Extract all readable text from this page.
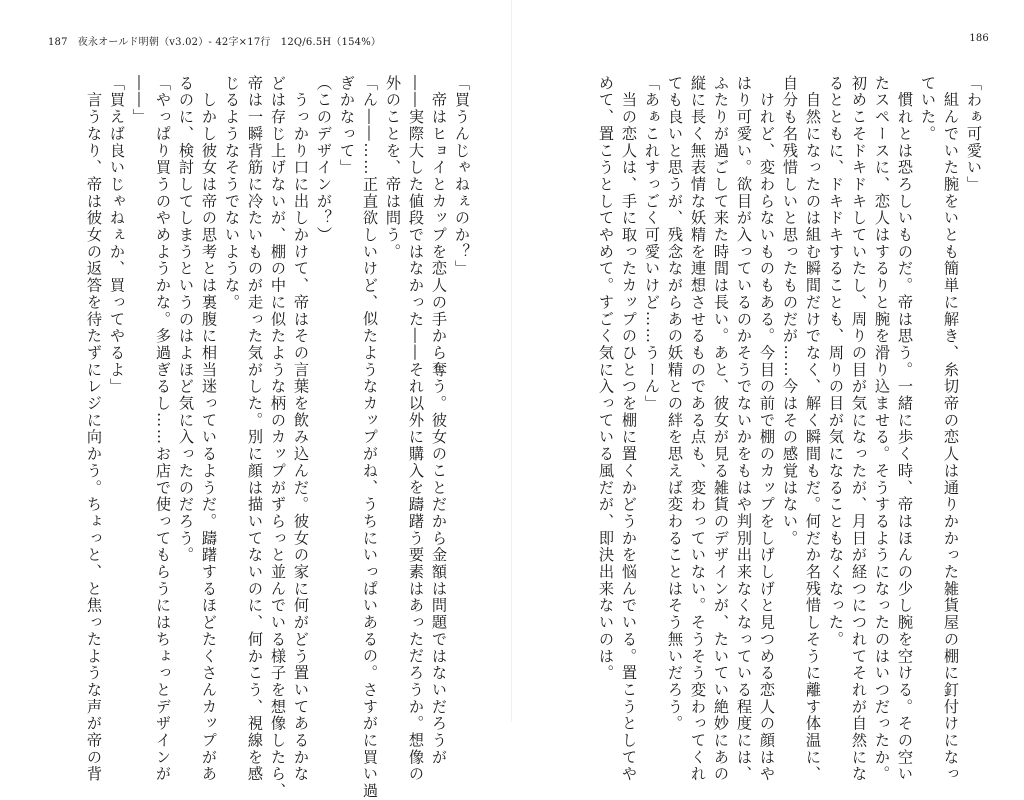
187 夜永オールド明朝（v3.02）- 42字×17行　12Q/6.5H（154%）
「買うんじゃねぇのか？」
　帝はヒョイとカップを恋人の手から奪う。彼女のことだから金額は問題ではないだろうが
――実際大した値段ではなかった――それ以外に購入を躊躇う要素はあっただろうか。想像の
外のことを、帝は問う。
「ん――……正直欲しいけど、似たようなカップがね、うちにいっぱいあるの。さすがに買い過
ぎかなって」
（このデザインが？）
　うっかり口に出しかけて、帝はその言葉を飲み込んだ。彼女の家に何がどう置いてあるかな
どは存じ上げないが、棚の中に似たような柄のカップがずらっと並んでいる様子を想像したら、
帝は一瞬背筋に冷たいものが走った気がした。別に顔は描いてないのに、何かこう、視線を感
じるようなそうでないような。
　しかし彼女は帝の思考とは裏腹に相当迷っているようだ。躊躇するほどたくさんカップがあ
るのに、検討してしまうというのはよほど気に入ったのだろう。
「やっぱり買うのやめようかな。多過ぎるし……お店で使ってもらうにはちょっとデザインが
――」
「買えば良いじゃねぇか、買ってやるよ」
　言うなり、帝は彼女の返答を待たずにレジに向かう。ちょっと、と焦ったような声が帝の背
186
「わぁ可愛い」
　組んでいた腕をいとも簡単に解き、糸切帝の恋人は通りかかった雑貨屋の棚に釘付けになっ
ていた。
　慣れとは恐ろしいものだ。帝は思う。一緒に歩く時、帝はほんの少し腕を空ける。その空い
たスペースに、恋人はするりと腕を滑り込ませる。そうするようになったのはいつだったか。
初めこそドキドキしていたし、周りの目が気になったが、月日が経つにつれてそれが自然にな
るとともに、ドキドキすることも、周りの目が気になることもなくなった。
　自然になったのは組む瞬間だけでなく、解く瞬間もだ。何だか名残惜しそうに離す体温に、
自分も名残惜しいと思ったものだが……今はその感覚はない。
　けれど、変わらないものもある。今目の前で棚のカップをしげしげと見つめる恋人の顔はや
はり可愛い。欲目が入っているのかそうでないかをもはや判別出来なくなっている程度には、
ふたりが過ごして来た時間は長い。あと、彼女が見る雑貨のデザインが、たいてい絶妙にあの
縦に長く無表情な妖精を連想させるものである点も、変わっていない。そうそう変わってくれ
ても良いと思うが、残念ながらあの妖精との絆を思えば変わることはそう無いだろう。
「あぁこれすっごく可愛いけど……うーん」
　当の恋人は、手に取ったカップのひとつを棚に置くかどうかを悩んでいる。置こうとしてや
めて、置こうとしてやめて。すごく気に入っている風だが、即決出来ないのは。
